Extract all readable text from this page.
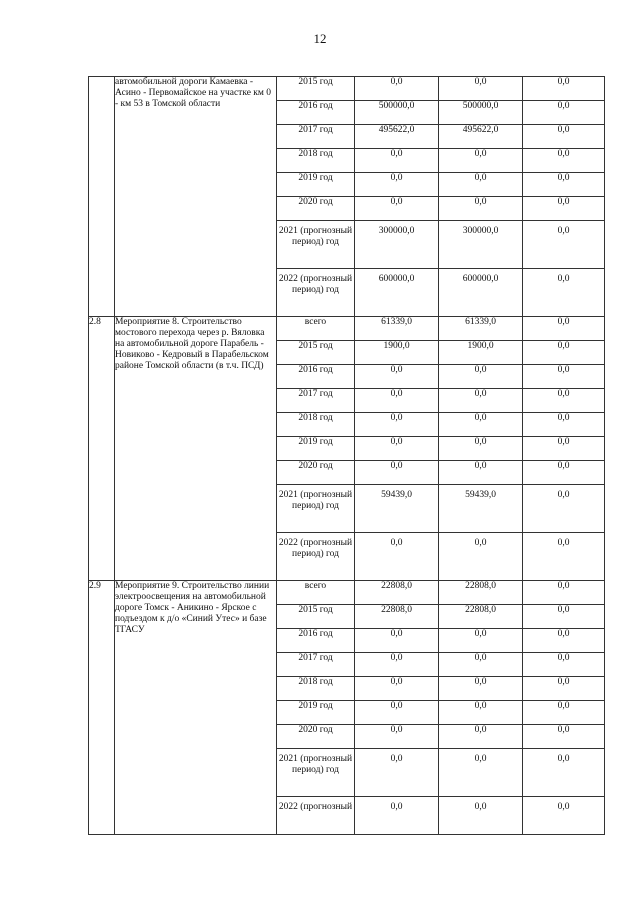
12
	автомобильной дороги Камаевка - Асино - Первомайское на участке км 0 - км 53 в Томской области	2015 год	0,0	0,0	0,0
		2016 год	500000,0	500000,0	0,0
		2017 год	495622,0	495622,0	0,0
		2018 год	0,0	0,0	0,0
		2019 год	0,0	0,0	0,0
		2020 год	0,0	0,0	0,0
		2021 (прогнозный период) год	300000,0	300000,0	0,0
		2022 (прогнозный период) год	600000,0	600000,0	0,0
2.8	Мероприятие 8. Строительство мостового перехода через р. Вяловка на автомобильной дороге Парабель - Новиково - Кедровый в Парабельском районе Томской области (в т.ч. ПСД)	всего	61339,0	61339,0	0,0
		2015 год	1900,0	1900,0	0,0
		2016 год	0,0	0,0	0,0
		2017 год	0,0	0,0	0,0
		2018 год	0,0	0,0	0,0
		2019 год	0,0	0,0	0,0
		2020 год	0,0	0,0	0,0
		2021 (прогнозный период) год	59439,0	59439,0	0,0
		2022 (прогнозный период) год	0,0	0,0	0,0
2.9	Мероприятие 9. Строительство линии электроосвещения на автомобильной дороге Томск - Аникино - Ярское с подъездом к д/о «Синий Утес» и базе ТГАСУ	всего	22808,0	22808,0	0,0
		2015 год	22808,0	22808,0	0,0
		2016 год	0,0	0,0	0,0
		2017 год	0,0	0,0	0,0
		2018 год	0,0	0,0	0,0
		2019 год	0,0	0,0	0,0
		2020 год	0,0	0,0	0,0
		2021 (прогнозный период) год	0,0	0,0	0,0
		2022 (прогнозный	0,0	0,0	0,0
